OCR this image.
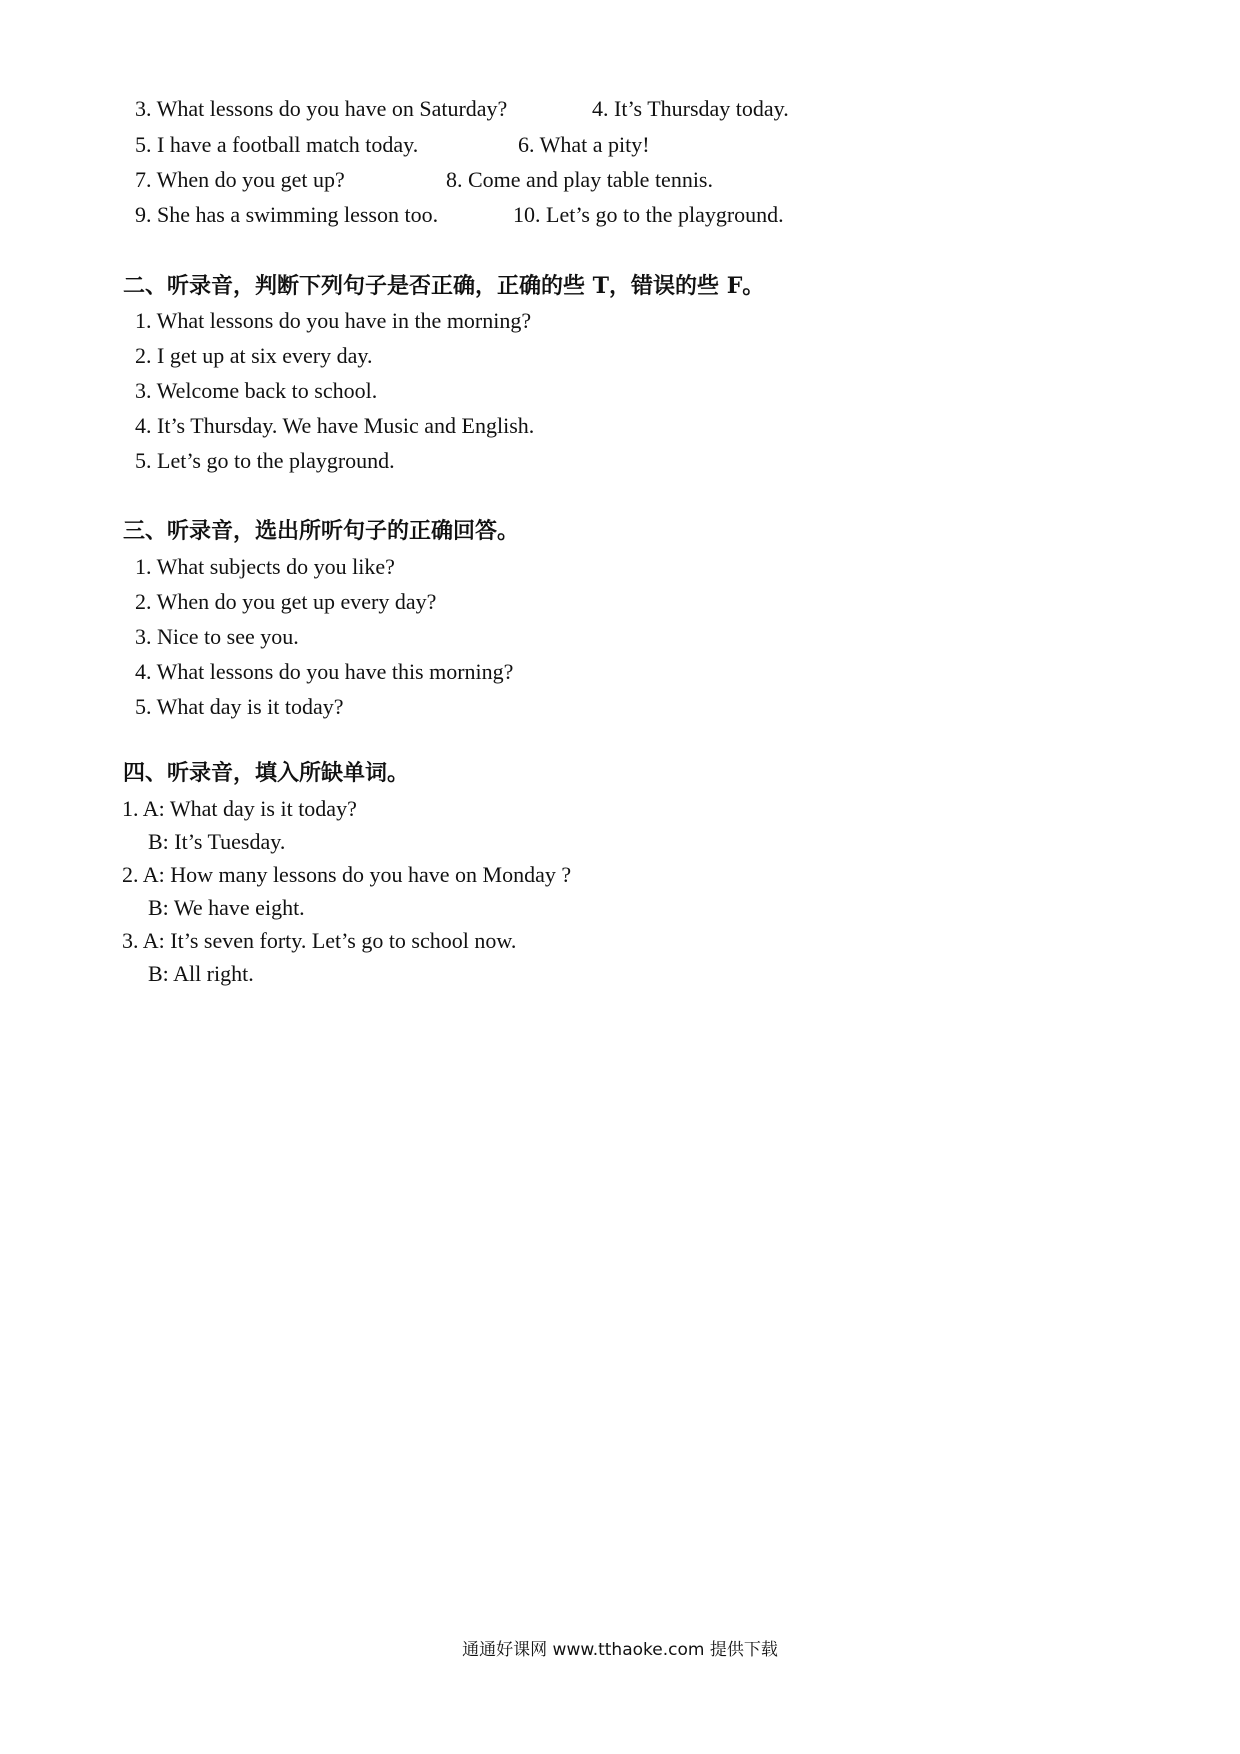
3. What lessons do you have on Saturday?	4. It’s Thursday today.
5. I have a football match today.	6. What a pity!
7. When do you get up?	8. Come and play table tennis.
9. She has a swimming lesson too.	10. Let’s go to the playground.
二、听录音，判断下列句子是否正确，正确的些 T，错误的些 F。
1. What lessons do you have in the morning?
2. I get up at six every day.
3. Welcome back to school.
4. It’s Thursday. We have Music and English.
5. Let’s go to the playground.
三、听录音，选出所听句子的正确回答。
1. What subjects do you like?
2. When do you get up every day?
3. Nice to see you.
4. What lessons do you have this morning?
5. What day is it today?
四、听录音，填入所缺单词。
1. A: What day is it today?
B: It’s Tuesday.
2. A: How many lessons do you have on Monday ?
B: We have eight.
3. A: It’s seven forty. Let’s go to school now.
B: All right.
通通好课网 www.tthaoke.com 提供下载
